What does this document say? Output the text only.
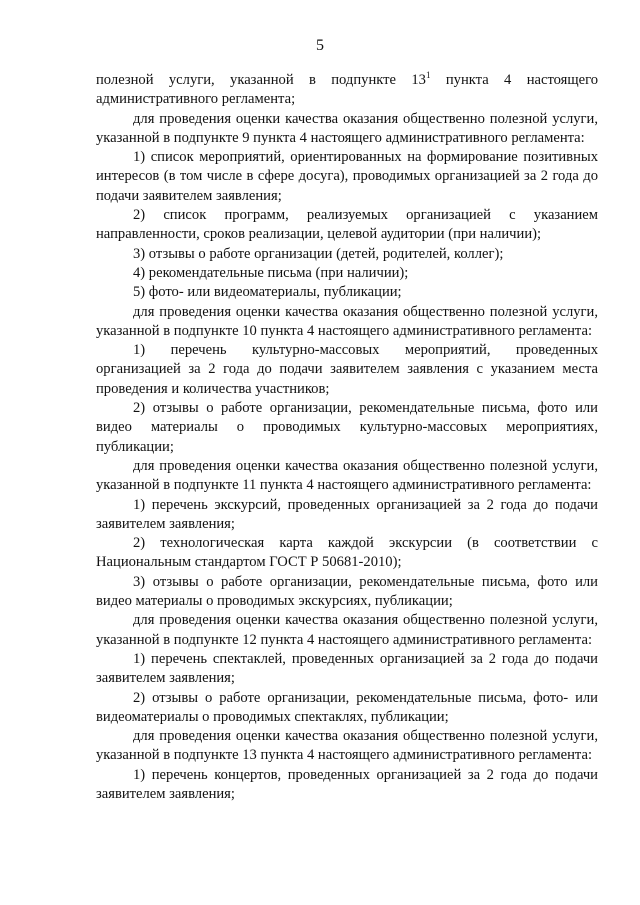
5

полезной услуги, указанной в подпункте $13^1$ пункта 4 настоящего административного регламента;

для проведения оценки качества оказания общественно полезной услуги, указанной в подпункте 9 пункта 4 настоящего административного регламента:

1) список мероприятий, ориентированных на формирование позитивных интересов (в том числе в сфере досуга), проводимых организацией за 2 года до подачи заявителем заявления;

2) список программ, реализуемых организацией с указанием направленности, сроков реализации, целевой аудитории (при наличии);

3) отзывы о работе организации (детей, родителей, коллег);

4) рекомендательные письма (при наличии);

5) фото- или видеоматериалы, публикации;

для проведения оценки качества оказания общественно полезной услуги, указанной в подпункте 10 пункта 4 настоящего административного регламента:

1) перечень культурно-массовых мероприятий, проведенных организацией за 2 года до подачи заявителем заявления с указанием места проведения и количества участников;

2) отзывы о работе организации, рекомендательные письма, фото или видео материалы о проводимых культурно-массовых мероприятиях, публикации;

для проведения оценки качества оказания общественно полезной услуги, указанной в подпункте 11 пункта 4 настоящего административного регламента:

1) перечень экскурсий, проведенных организацией за 2 года до подачи заявителем заявления;

2) технологическая карта каждой экскурсии (в соответствии с Национальным стандартом ГОСТ Р 50681-2010);

3) отзывы о работе организации, рекомендательные письма, фото или видео материалы о проводимых экскурсиях, публикации;

для проведения оценки качества оказания общественно полезной услуги, указанной в подпункте 12 пункта 4 настоящего административного регламента:

1) перечень спектаклей, проведенных организацией за 2 года до подачи заявителем заявления;

2) отзывы о работе организации, рекомендательные письма, фото- или видеоматериалы о проводимых спектаклях, публикации;

для проведения оценки качества оказания общественно полезной услуги, указанной в подпункте 13 пункта 4 настоящего административного регламента:

1) перечень концертов, проведенных организацией за 2 года до подачи заявителем заявления;
